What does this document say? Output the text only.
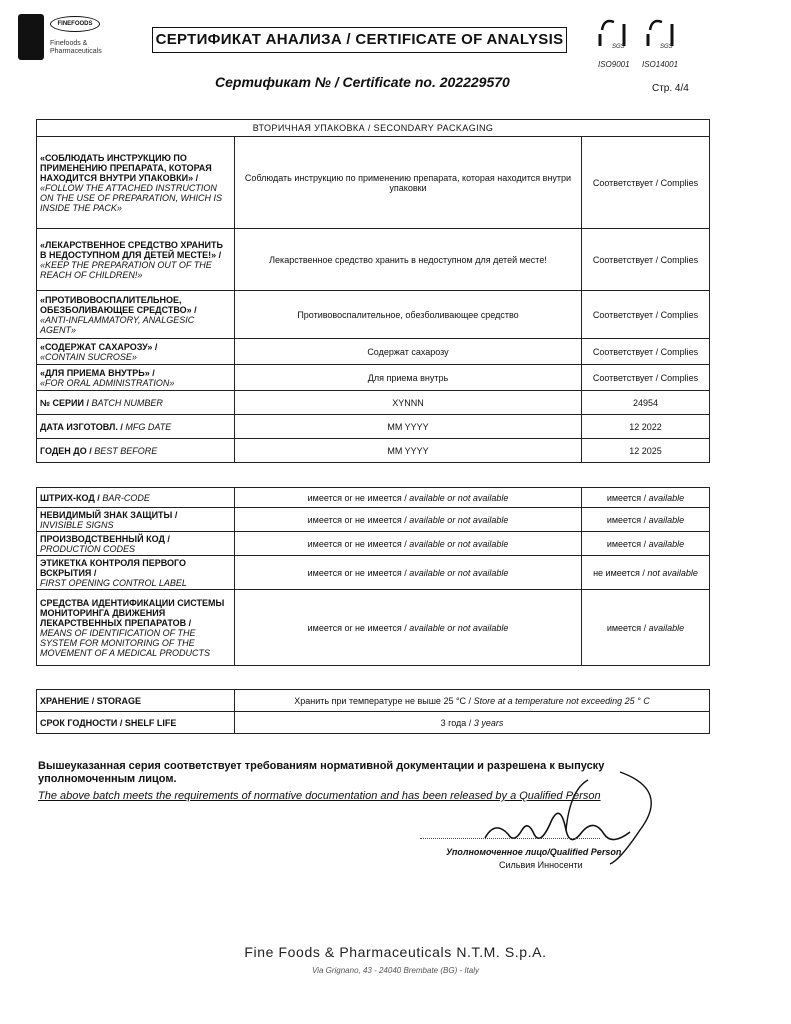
FINEFOODS
Finefoods & Pharmaceuticals
СЕРТИФИКАТ АНАЛИЗА / CERTIFICATE OF ANALYSIS	SGS	SGS
ISO9001 ISO14001
Сертификат № / Certificate no. 202229570	Стр. 4/4
ВТОРИЧНАЯ УПАКОВКА / SECONDARY PACKAGING		
«СОБЛЮДАТЬ ИНСТРУКЦИЮ ПО ПРИМЕНЕНИЮ ПРЕПАРАТА, КОТОРАЯ НАХОДИТСЯ ВНУТРИ УПАКОВКИ» /
«FOLLOW THE ATTACHED INSTRUCTION ON THE USE OF PREPARATION, WHICH IS INSIDE THE PACK»	Соблюдать инструкцию по применению препарата, которая находится внутри упаковки	Соответствует / Complies
«ЛЕКАРСТВЕННОЕ СРЕДСТВО ХРАНИТЬ В НЕДОСТУПНОМ ДЛЯ ДЕТЕЙ МЕСТЕ!» /
«KEEP THE PREPARATION OUT OF THE REACH OF CHILDREN!»	Лекарственное средство хранить в недоступном для детей месте!	Соответствует / Complies
«ПРОТИВОВОСПАЛИТЕЛЬНОЕ, ОБЕЗБОЛИВАЮЩЕЕ СРЕДСТВО» /
«ANTI-INFLAMMATORY, ANALGESIC AGENT»	Противовоспалительное, обезболивающее средство	Соответствует / Complies
«СОДЕРЖАТ САХАРОЗУ» /
«CONTAIN SUCROSE»	Содержат сахарозу	Соответствует / Complies
«ДЛЯ ПРИЕМА ВНУТРЬ» /
«FOR ORAL ADMINISTRATION»	Для приема внутрь	Соответствует / Complies
№ СЕРИИ / BATCH NUMBER	XYNNN	24954
ДАТА ИЗГОТОВЛ. / MFG DATE	MM YYYY	12 2022
ГОДЕН ДО / BEST BEFORE	MM YYYY	12 2025
ШТРИХ-КОД / BAR-CODE	имеется or не имеется / available or not available	имеется / available
НЕВИДИМЫЙ ЗНАК ЗАЩИТЫ /
INVISIBLE SIGNS	имеется or не имеется / available or not available	имеется / available
ПРОИЗВОДСТВЕННЫЙ КОД /
PRODUCTION CODES	имеется or не имеется / available or not available	имеется / available
ЭТИКЕТКА КОНТРОЛЯ ПЕРВОГО ВСКРЫТИЯ /
FIRST OPENING CONTROL LABEL	имеется or не имеется / available or not available	не имеется / not available
СРЕДСТВА ИДЕНТИФИКАЦИИ СИСТЕМЫ МОНИТОРИНГА ДВИЖЕНИЯ ЛЕКАРСТВЕННЫХ ПРЕПАРАТОВ /
MEANS OF IDENTIFICATION OF THE SYSTEM FOR MONITORING OF THE MOVEMENT OF A MEDICAL PRODUCTS	имеется or не имеется / available or not available	имеется / available
ХРАНЕНИЕ / STORAGE	Хранить при температуре не выше 25 °С / Store at a temperature not exceeding 25 ° C
СРОК ГОДНОСТИ / SHELF LIFE	3 года / 3 years
Вышеуказанная серия соответствует требованиям нормативной документации и разрешена к выпуску уполномоченным лицом.
The above batch meets the requirements of normative documentation and has been released by a Qualified Person
Уполномоченное лицо/Qualified Person
Сильвия Инносенти
Fine Foods & Pharmaceuticals N.T.M. S.p.A.
Via Grignano, 43 - 24040 Brembate (BG) - Italy
